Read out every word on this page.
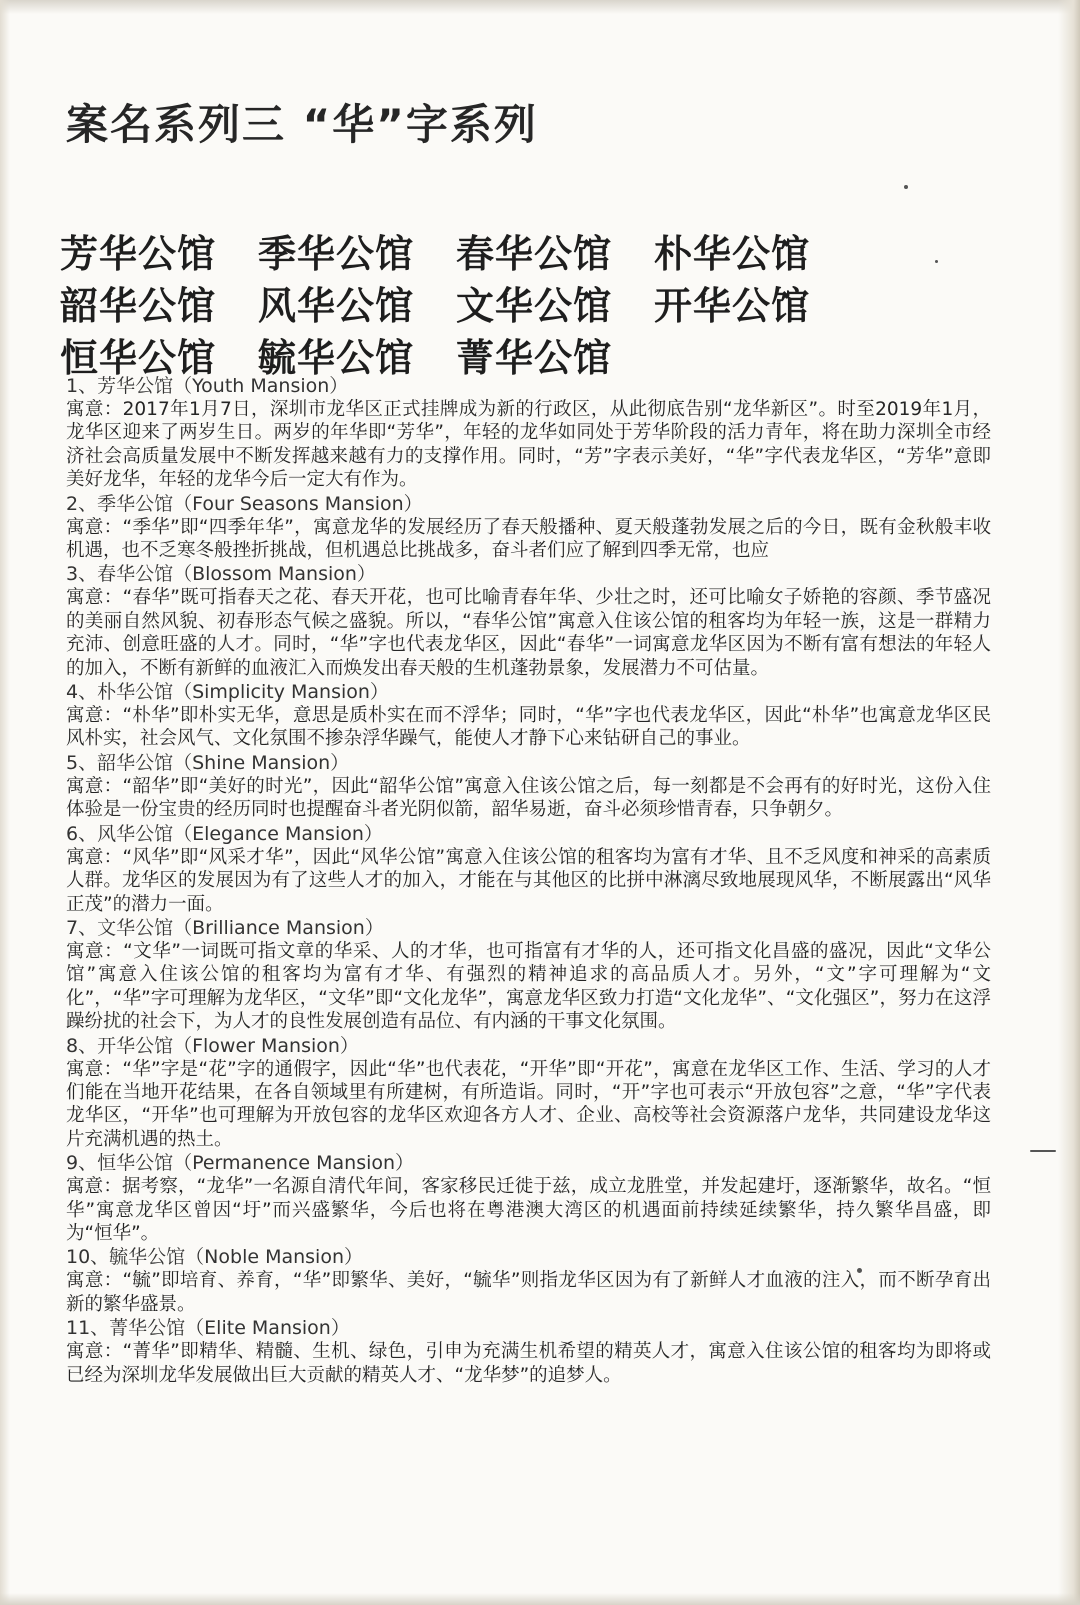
案名系列三 “华”字系列
芳华公馆	季华公馆	春华公馆	朴华公馆
韶华公馆	风华公馆	文华公馆	开华公馆
恒华公馆	毓华公馆	菁华公馆
1、芳华公馆（Youth Mansion）

寓意：2017年1月7日，深圳市龙华区正式挂牌成为新的行政区，从此彻底告别“龙华新区”。时至2019年1月，龙华区迎来了两岁生日。两岁的年华即“芳华”，年轻的龙华如同处于芳华阶段的活力青年，将在助力深圳全市经济社会高质量发展中不断发挥越来越有力的支撑作用。同时，“芳”字表示美好，“华”字代表龙华区，“芳华”意即美好龙华，年轻的龙华今后一定大有作为。

2、季华公馆（Four Seasons Mansion）

寓意：“季华”即“四季年华”，寓意龙华的发展经历了春天般播种、夏天般蓬勃发展之后的今日，既有金秋般丰收机遇，也不乏寒冬般挫折挑战，但机遇总比挑战多，奋斗者们应了解到四季无常，也应

3、春华公馆（Blossom Mansion）

寓意：“春华”既可指春天之花、春天开花，也可比喻青春年华、少壮之时，还可比喻女子娇艳的容颜、季节盛况的美丽自然风貌、初春形态气候之盛貌。所以，“春华公馆”寓意入住该公馆的租客均为年轻一族，这是一群精力充沛、创意旺盛的人才。同时，“华”字也代表龙华区，因此“春华”一词寓意龙华区因为不断有富有想法的年轻人的加入，不断有新鲜的血液汇入而焕发出春天般的生机蓬勃景象，发展潜力不可估量。

4、朴华公馆（Simplicity Mansion）

寓意：“朴华”即朴实无华，意思是质朴实在而不浮华；同时，“华”字也代表龙华区，因此“朴华”也寓意龙华区民风朴实，社会风气、文化氛围不掺杂浮华躁气，能使人才静下心来钻研自己的事业。

5、韶华公馆（Shine Mansion）

寓意：“韶华”即“美好的时光”，因此“韶华公馆”寓意入住该公馆之后，每一刻都是不会再有的好时光，这份入住体验是一份宝贵的经历同时也提醒奋斗者光阴似箭，韶华易逝，奋斗必须珍惜青春，只争朝夕。

6、风华公馆（Elegance Mansion）

寓意：“风华”即“风采才华”，因此“风华公馆”寓意入住该公馆的租客均为富有才华、且不乏风度和神采的高素质人群。龙华区的发展因为有了这些人才的加入，才能在与其他区的比拼中淋漓尽致地展现风华，不断展露出“风华正茂”的潜力一面。

7、文华公馆（Brilliance Mansion）

寓意：“文华”一词既可指文章的华采、人的才华，也可指富有才华的人，还可指文化昌盛的盛况，因此“文华公馆”寓意入住该公馆的租客均为富有才华、有强烈的精神追求的高品质人才。另外，“文”字可理解为“文化”，“华”字可理解为龙华区，“文华”即“文化龙华”，寓意龙华区致力打造“文化龙华”、“文化强区”，努力在这浮躁纷扰的社会下，为人才的良性发展创造有品位、有内涵的干事文化氛围。

8、开华公馆（Flower Mansion）

寓意：“华”字是“花”字的通假字，因此“华”也代表花，“开华”即“开花”，寓意在龙华区工作、生活、学习的人才们能在当地开花结果，在各自领域里有所建树，有所造诣。同时，“开”字也可表示“开放包容”之意，“华”字代表龙华区，“开华”也可理解为开放包容的龙华区欢迎各方人才、企业、高校等社会资源落户龙华，共同建设龙华这片充满机遇的热土。

9、恒华公馆（Permanence Mansion）

寓意：据考察，“龙华”一名源自清代年间，客家移民迁徙于兹，成立龙胜堂，并发起建圩，逐渐繁华，故名。“恒华”寓意龙华区曾因“圩”而兴盛繁华，今后也将在粤港澳大湾区的机遇面前持续延续繁华，持久繁华昌盛，即为“恒华”。

10、毓华公馆（Noble Mansion）

寓意：“毓”即培育、养育，“华”即繁华、美好，“毓华”则指龙华区因为有了新鲜人才血液的注入，而不断孕育出新的繁华盛景。

11、菁华公馆（Elite Mansion）

寓意：“菁华”即精华、精髓、生机、绿色，引申为充满生机希望的精英人才，寓意入住该公馆的租客均为即将或已经为深圳龙华发展做出巨大贡献的精英人才、“龙华梦”的追梦人。
